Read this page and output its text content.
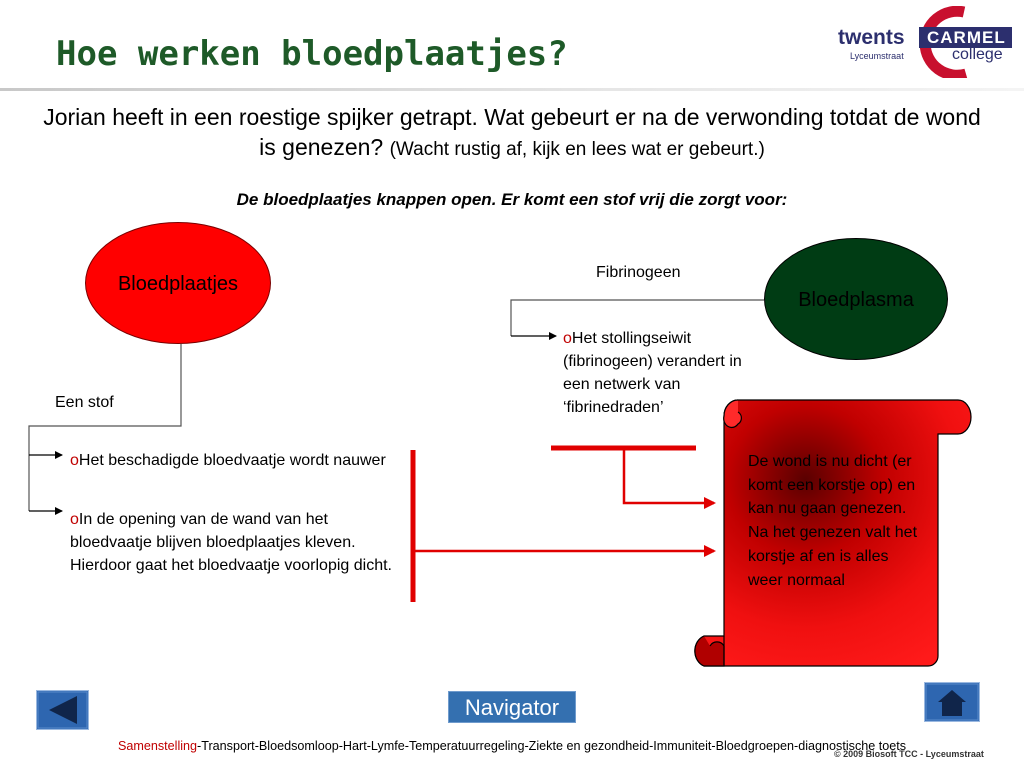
Hoe werken bloedplaatjes?	twents	CARMEL
college
Lyceumstraat
Jorian heeft in een roestige spijker getrapt. Wat gebeurt er na de verwonding totdat de wond is genezen? (Wacht rustig af, kijk en lees wat er gebeurt.)
De bloedplaatjes knappen open. Er komt een stof vrij die zorgt voor:
Bloedplaatjes
Bloedplasma
Fibrinogeen
Een stof
oHet beschadigde bloedvaatje wordt nauwer
oIn de opening van de wand van het bloedvaatje blijven bloedplaatjes kleven. Hierdoor gaat het bloedvaatje voorlopig dicht.
oHet stollingseiwit (fibrinogeen) verandert in een netwerk van ‘fibrinedraden’
De wond is nu dicht (er komt een korstje op) en kan nu gaan genezen. Na het genezen valt het korstje af en is alles weer normaal
Navigator
Samenstelling-Transport-Bloedsomloop-Hart-Lymfe-Temperatuurregeling-Ziekte en gezondheid-Immuniteit-Bloedgroepen-diagnostische toets
© 2009 Biosoft TCC - Lyceumstraat
